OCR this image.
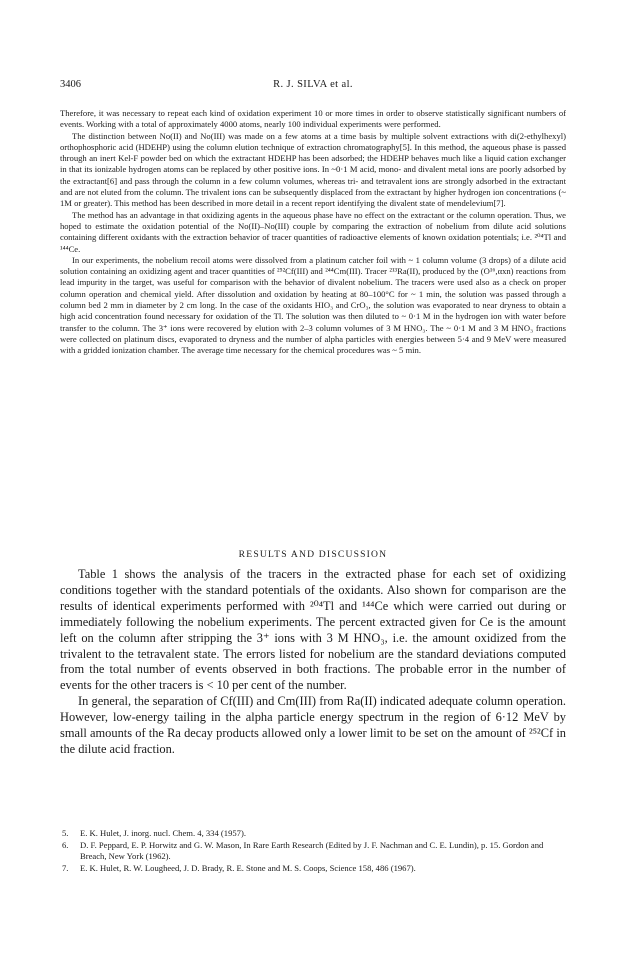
3406	R. J. SILVA et al.

Therefore, it was necessary to repeat each kind of oxidation experiment 10 or more times in order to observe statistically significant numbers of events. Working with a total of approximately 4000 atoms, nearly 100 individual experiments were performed.

The distinction between No(II) and No(III) was made on a few atoms at a time basis by multiple solvent extractions with di(2-ethylhexyl) orthophosphoric acid (HDEHP) using the column elution technique of extraction chromatography[5]. In this method, the aqueous phase is passed through an inert Kel-F powder bed on which the extractant HDEHP has been adsorbed; the HDEHP behaves much like a liquid cation exchanger in that its ionizable hydrogen atoms can be replaced by other positive ions. In ~0·1 M acid, mono- and divalent metal ions are poorly adsorbed by the extractant[6] and pass through the column in a few column volumes, whereas tri- and tetravalent ions are strongly adsorbed in the extractant and are not eluted from the column. The trivalent ions can be subsequently displaced from the extractant by higher hydrogen ion concentrations (~ 1M or greater). This method has been described in more detail in a recent report identifying the divalent state of mendelevium[7].

The method has an advantage in that oxidizing agents in the aqueous phase have no effect on the extractant or the column operation. Thus, we hoped to estimate the oxidation potential of the No(II)–No(III) couple by comparing the extraction of nobelium from dilute acid solutions containing different oxidants with the extraction behavior of tracer quantities of radioactive elements of known oxidation potentials; i.e. ²⁰⁴Tl and ¹⁴⁴Ce.

In our experiments, the nobelium recoil atoms were dissolved from a platinum catcher foil with ~ 1 column volume (3 drops) of a dilute acid solution containing an oxidizing agent and tracer quantities of ²⁵²Cf(III) and ²⁴⁴Cm(III). Tracer ²¹³Ra(II), produced by the (O¹⁶,αxn) reactions from lead impurity in the target, was useful for comparison with the behavior of divalent nobelium. The tracers were used also as a check on proper column operation and chemical yield. After dissolution and oxidation by heating at 80–100°C for ~ 1 min, the solution was passed through a column bed 2 mm in diameter by 2 cm long. In the case of the oxidants HIO₃ and CrO₃, the solution was evaporated to near dryness to obtain a high acid concentration found necessary for oxidation of the Tl. The solution was then diluted to ~ 0·1 M in the hydrogen ion with water before transfer to the column. The 3⁺ ions were recovered by elution with 2–3 column volumes of 3 M HNO₃. The ~ 0·1 M and 3 M HNO₃ fractions were collected on platinum discs, evaporated to dryness and the number of alpha particles with energies between 5·4 and 9 MeV were measured with a gridded ionization chamber. The average time necessary for the chemical procedures was ~ 5 min.

RESULTS AND DISCUSSION

Table 1 shows the analysis of the tracers in the extracted phase for each set of oxidizing conditions together with the standard potentials of the oxidants. Also shown for comparison are the results of identical experiments performed with ²⁰⁴Tl and ¹⁴⁴Ce which were carried out during or immediately following the nobelium experiments. The percent extracted given for Ce is the amount left on the column after stripping the 3⁺ ions with 3 M HNO₃, i.e. the amount oxidized from the trivalent to the tetravalent state. The errors listed for nobelium are the standard deviations computed from the total number of events observed in both fractions. The probable error in the number of events for the other tracers is < 10 per cent of the number.

In general, the separation of Cf(III) and Cm(III) from Ra(II) indicated adequate column operation. However, low-energy tailing in the alpha particle energy spectrum in the region of 6·12 MeV by small amounts of the Ra decay products allowed only a lower limit to be set on the amount of ²⁵²Cf in the dilute acid fraction.

5. E. K. Hulet, J. inorg. nucl. Chem. 4, 334 (1957).
6. D. F. Peppard, E. P. Horwitz and G. W. Mason, In Rare Earth Research (Edited by J. F. Nachman and C. E. Lundin), p. 15. Gordon and Breach, New York (1962).
7. E. K. Hulet, R. W. Lougheed, J. D. Brady, R. E. Stone and M. S. Coops, Science 158, 486 (1967).
